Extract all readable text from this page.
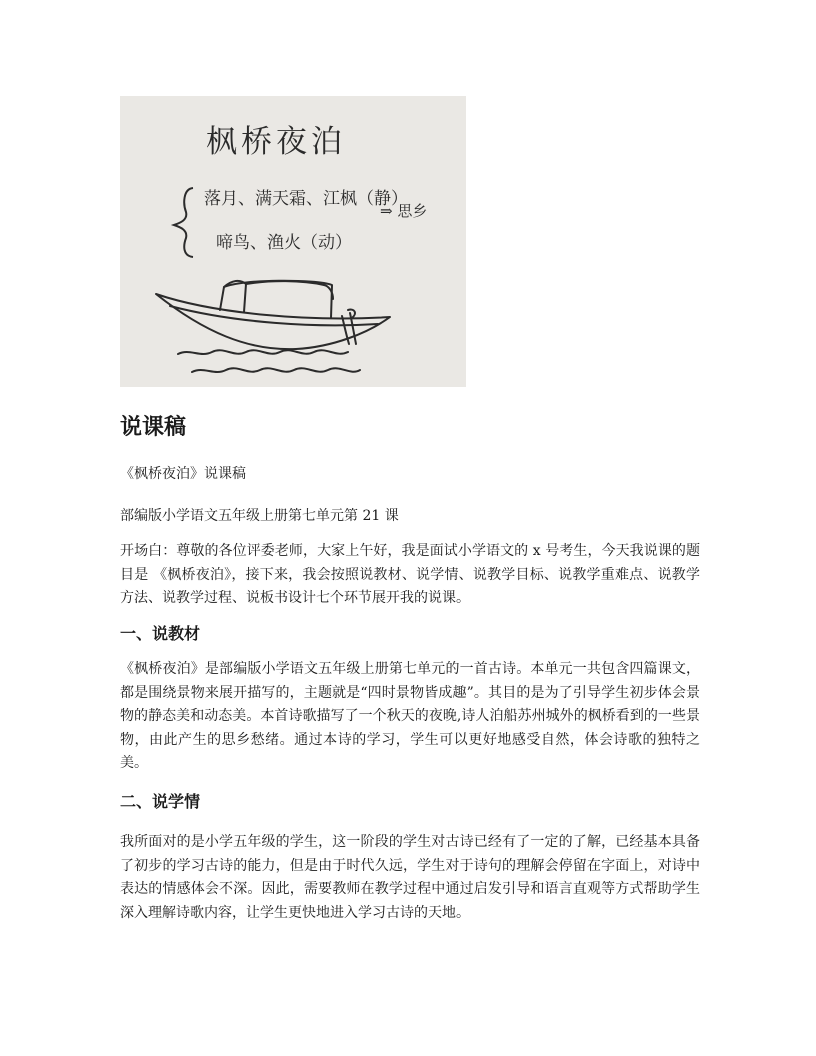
枫桥夜泊
落月、满天霜、江枫（静）
⇒ 思乡
啼鸟、渔火（动）
说课稿

《枫桥夜泊》说课稿

部编版小学语文五年级上册第七单元第 21 课

开场白：尊敬的各位评委老师，大家上午好，我是面试小学语文的 x 号考生，今天我说课的题目是 《枫桥夜泊》，接下来，我会按照说教材、说学情、说教学目标、说教学重难点、说教学方法、说教学过程、说板书设计七个环节展开我的说课。

一、说教材

《枫桥夜泊》是部编版小学语文五年级上册第七单元的一首古诗。本单元一共包含四篇课文，都是围绕景物来展开描写的，主题就是“四时景物皆成趣”。其目的是为了引导学生初步体会景物的静态美和动态美。本首诗歌描写了一个秋天的夜晚,诗人泊船苏州城外的枫桥看到的一些景物，由此产生的思乡愁绪。通过本诗的学习，学生可以更好地感受自然，体会诗歌的独特之美。

二、说学情

我所面对的是小学五年级的学生，这一阶段的学生对古诗已经有了一定的了解，已经基本具备了初步的学习古诗的能力，但是由于时代久远，学生对于诗句的理解会停留在字面上，对诗中表达的情感体会不深。因此，需要教师在教学过程中通过启发引导和语言直观等方式帮助学生深入理解诗歌内容，让学生更快地进入学习古诗的天地。
